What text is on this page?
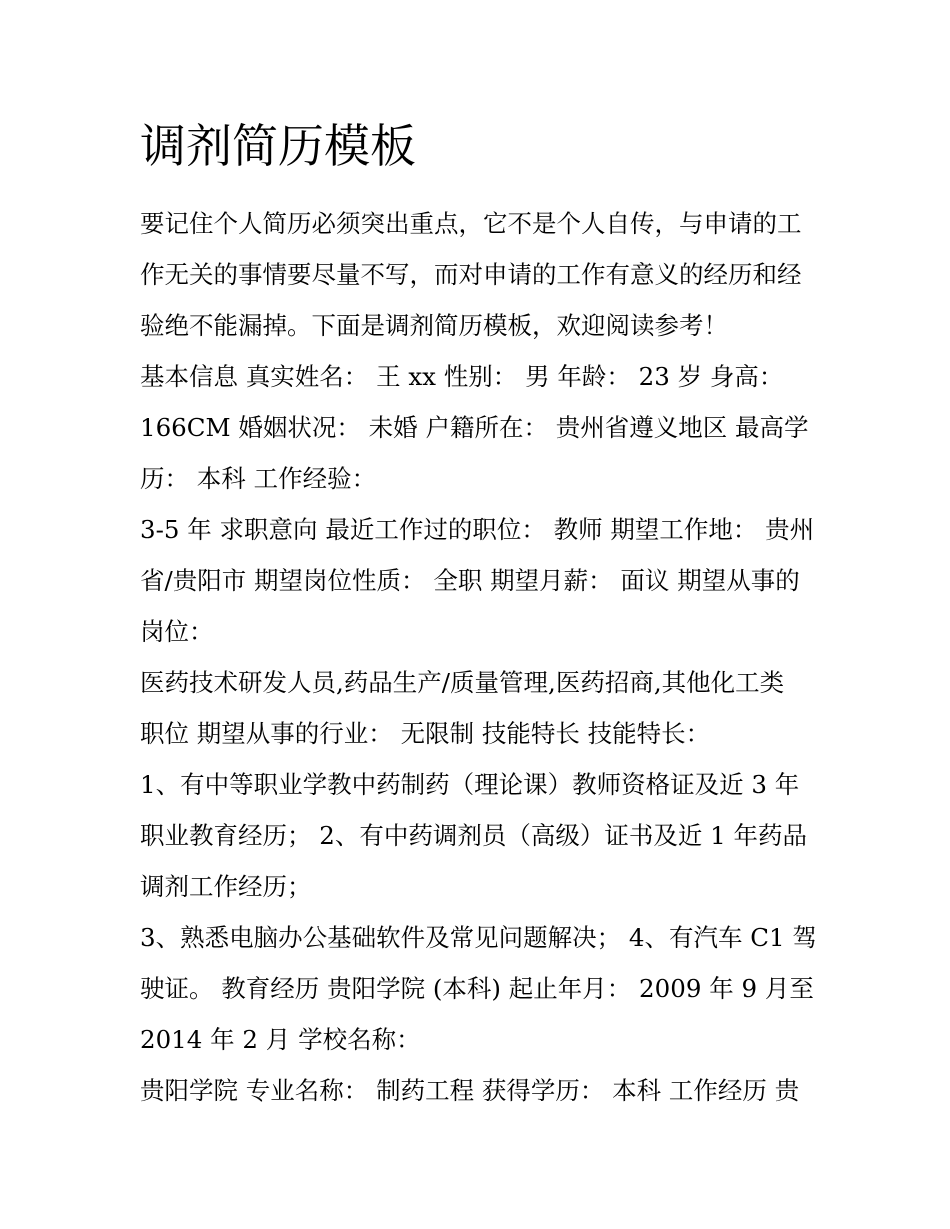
调剂简历模板
要记住个人简历必须突出重点，它不是个人自传，与申请的工
作无关的事情要尽量不写，而对申请的工作有意义的经历和经
验绝不能漏掉。下面是调剂简历模板，欢迎阅读参考！
基本信息 真实姓名： 王 xx 性别： 男 年龄： 23 岁 身高：
166CM 婚姻状况： 未婚 户籍所在： 贵州省遵义地区 最高学
历： 本科 工作经验：
3-5 年 求职意向 最近工作过的职位： 教师 期望工作地： 贵州
省/贵阳市 期望岗位性质： 全职 期望月薪： 面议 期望从事的
岗位：
医药技术研发人员,药品生产/质量管理,医药招商,其他化工类
职位 期望从事的行业： 无限制 技能特长 技能特长：
1、有中等职业学教中药制药（理论课）教师资格证及近 3 年
职业教育经历； 2、有中药调剂员（高级）证书及近 1 年药品
调剂工作经历；
3、熟悉电脑办公基础软件及常见问题解决； 4、有汽车 C1 驾
驶证。 教育经历 贵阳学院 (本科) 起止年月： 2009 年 9 月至
2014 年 2 月 学校名称：
贵阳学院 专业名称： 制药工程 获得学历： 本科 工作经历 贵
